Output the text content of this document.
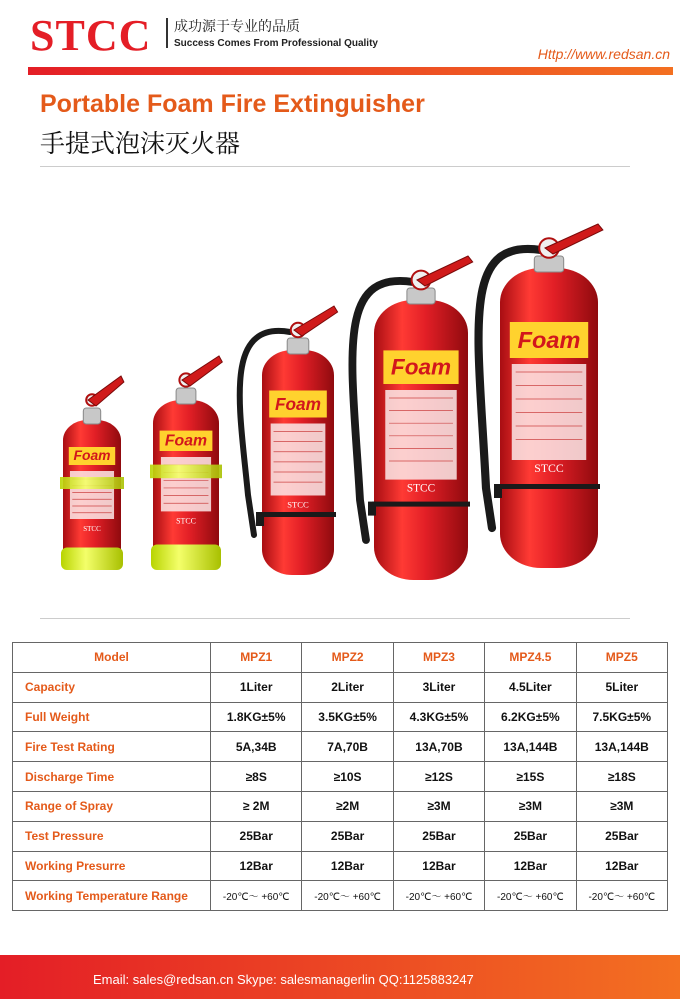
STCC 成功源于专业的品质
Success Comes From Professional Quality
Http://www.redsan.cn
Portable Foam Fire Extinguisher
手提式泡沫灭火器
Foam
STCC
Foam
STCC
Foam
STCC
Foam
STCC
Foam
STCC
Model	MPZ1	MPZ2	MPZ3	MPZ4.5	MPZ5
Capacity	1Liter	2Liter	3Liter	4.5Liter	5Liter
Full Weight	1.8KG±5%	3.5KG±5%	4.3KG±5%	6.2KG±5%	7.5KG±5%
Fire Test Rating	5A,34B	7A,70B	13A,70B	13A,144B	13A,144B
Discharge Time	≥8S	≥10S	≥12S	≥15S	≥18S
Range of Spray	≥ 2M	≥2M	≥3M	≥3M	≥3M
Test Pressure	25Bar	25Bar	25Bar	25Bar	25Bar
Working Presurre	12Bar	12Bar	12Bar	12Bar	12Bar
Working Temperature Range	-20℃～ +60℃	-20℃～ +60℃	-20℃～ +60℃	-20℃～ +60℃	-20℃～ +60℃
Email: sales@redsan.cn Skype: salesmanagerlin QQ:1125883247
